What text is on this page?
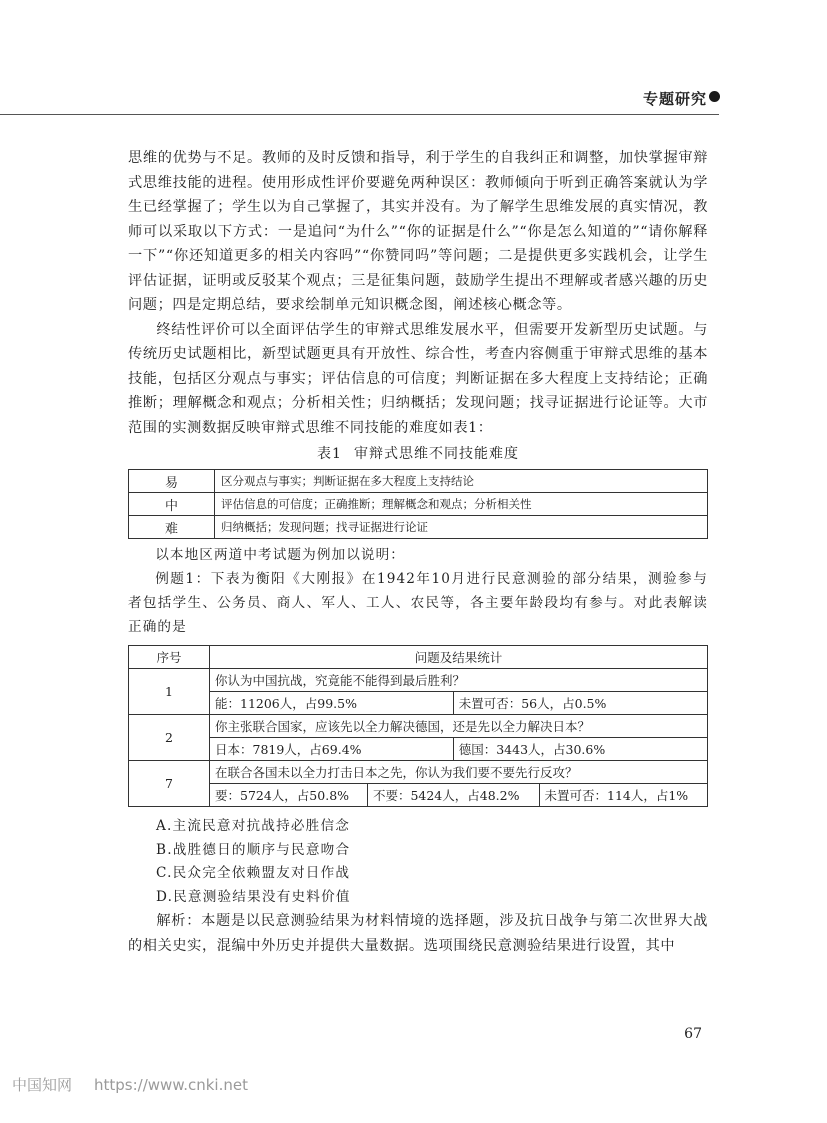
专题研究

思维的优势与不足。教师的及时反馈和指导，利于学生的自我纠正和调整，加快掌握审辩式思维技能的进程。使用形成性评价要避免两种误区：教师倾向于听到正确答案就认为学生已经掌握了；学生以为自己掌握了，其实并没有。为了解学生思维发展的真实情况，教师可以采取以下方式：一是追问“为什么”“你的证据是什么”“你是怎么知道的”“请你解释一下”“你还知道更多的相关内容吗”“你赞同吗”等问题；二是提供更多实践机会，让学生评估证据，证明或反驳某个观点；三是征集问题，鼓励学生提出不理解或者感兴趣的历史问题；四是定期总结，要求绘制单元知识概念图，阐述核心概念等。

终结性评价可以全面评估学生的审辩式思维发展水平，但需要开发新型历史试题。与传统历史试题相比，新型试题更具有开放性、综合性，考查内容侧重于审辩式思维的基本技能，包括区分观点与事实；评估信息的可信度；判断证据在多大程度上支持结论；正确推断；理解概念和观点；分析相关性；归纳概括；发现问题；找寻证据进行论证等。大市范围的实测数据反映审辩式思维不同技能的难度如表1：

表1 审辩式思维不同技能难度
易	区分观点与事实；判断证据在多大程度上支持结论
中	评估信息的可信度；正确推断；理解概念和观点；分析相关性
难	归纳概括；发现问题；找寻证据进行论证

以本地区两道中考试题为例加以说明：

例题1：下表为衡阳《大刚报》在1942年10月进行民意测验的部分结果，测验参与者包括学生、公务员、商人、军人、工人、农民等，各主要年龄段均有参与。对此表解读正确的是

序号	问题及结果统计			
1	你认为中国抗战，究竟能不能得到最后胜利？			
	能：11206人，占99.5%		未置可否：56人，占0.5%	
2	你主张联合国家，应该先以全力解决德国，还是先以全力解决日本？			
	日本：7819人，占69.4%		德国：3443人，占30.6%	
7	在联合各国未以全力打击日本之先，你认为我们要不要先行反攻？			
	要：5724人，占50.8%	不要：5424人，占48.2%		未置可否：114人，占1%
A.主流民意对抗战持必胜信念
B.战胜德日的顺序与民意吻合
C.民众完全依赖盟友对日作战
D.民意测验结果没有史料价值

解析：本题是以民意测验结果为材料情境的选择题，涉及抗日战争与第二次世界大战的相关史实，混编中外历史并提供大量数据。选项围绕民意测验结果进行设置，其中

67
中国知网 https://www.cnki.net
